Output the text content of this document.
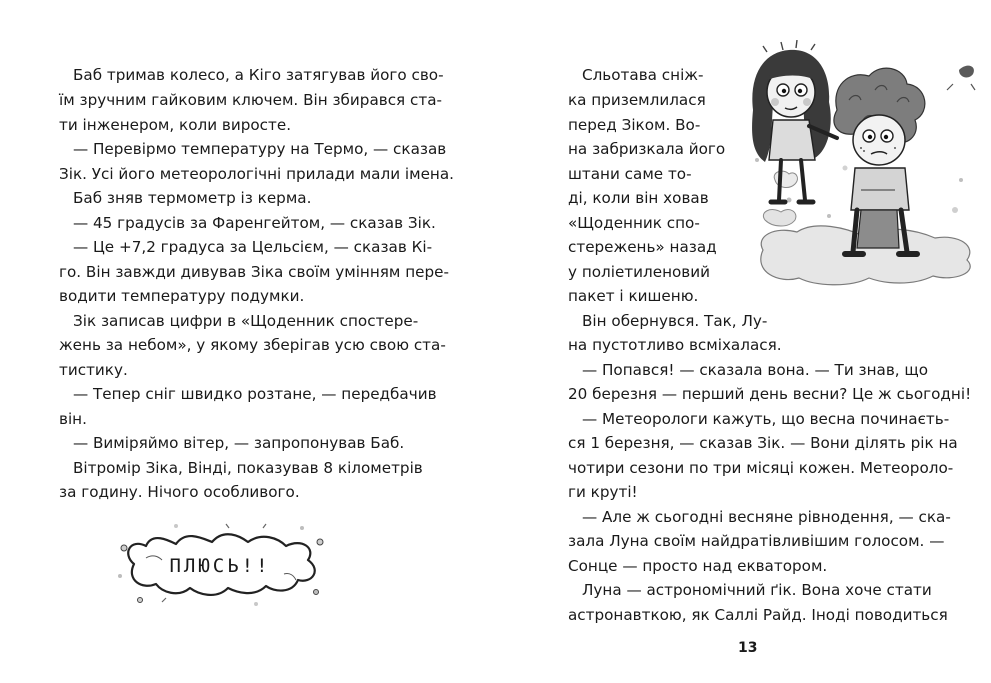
Баб тримав колесо, а Кіго затягував його сво-
їм зручним гайковим ключем. Він збирався ста-
ти інженером, коли виросте.
— Перевірмо температуру на Термо, — сказав
Зік. Усі його метеорологічні прилади мали імена.
Баб зняв термометр із керма.
— 45 градусів за Фаренгейтом, — сказав Зік.
— Це +7,2 градуса за Цельсієм, — сказав Кі-
го. Він завжди дивував Зіка своїм умінням пере-
водити температуру подумки.
Зік записав цифри в «Щоденник спостере-
жень за небом», у якому зберігав усю свою ста-
тистику.
— Тепер сніг швидко розтане, — передбачив
він.
— Виміряймо вітер, — запропонував Баб.
Вітромір Зіка, Вінді, показував 8 кілометрів
за годину. Нічого особливого.
ПЛЮСЬ!!
Сльотава сніж-
ка приземлилася
перед Зіком. Во-
на забризкала його
штани саме то-
ді, коли він ховав
«Щоденник спо-
стережень» назад
у поліетиленовий
пакет і кишеню.
Він обернувся. Так, Лу-
на пустотливо всміхалася.
— Попався! — сказала вона. — Ти знав, що
20 березня — перший день весни? Це ж сьогодні!
— Метеорологи кажуть, що весна починаєть-
ся 1 березня, — сказав Зік. — Вони ділять рік на
чотири сезони по три місяці кожен. Метеороло-
ги круті!
— Але ж сьогодні весняне рівнодення, — ска-
зала Луна своїм найдратівливішим голосом. —
Сонце — просто над екватором.
Луна — астрономічний ґік. Вона хоче стати
астронавткою, як Саллі Райд. Іноді поводиться
13
